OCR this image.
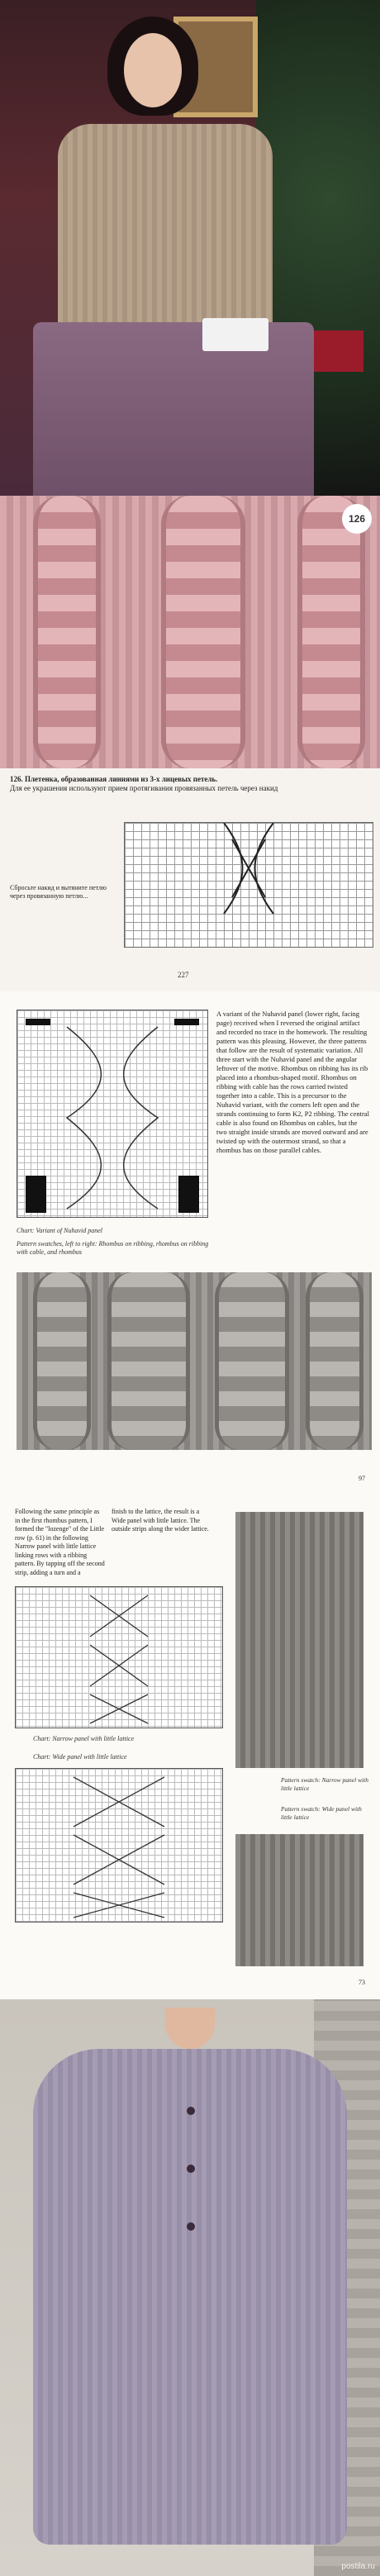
126
126. Плетенка, образованная линиями из 3-х лицевых петель.
Для ее украшения используют прием протягивания провязанных петель через накид
Сбросьте накид и вытяните петлю через провязанную петлю...
227
A variant of the Nuhavid panel (lower right, facing page) received when I reversed the original artifact and recorded no trace in the homework. The resulting pattern was this pleasing. However, the three patterns that follow are the result of systematic variation. All three start with the Nuhavid panel and the angular leftover of the motive. Rhombus on ribbing has its rib placed into a rhombus-shaped motif. Rhombus on ribbing with cable has the rows carried twisted together into a cable. This is a precursor to the Nuhavid variant, with the corners left open and the strands continuing to form K2, P2 ribbing. The central cable is also found on Rhombus on cables, but the two straight inside strands are moved outward and are twisted up with the outermost strand, so that a rhombus has on those parallel cables.
Chart: Variant of Nuhavid panel
Pattern swatches, left to right: Rhombus on ribbing, rhombus on ribbing with cable, and rhombus
97
Following the same principle as in the first rhombus pattern, I formed the "lozenge" of the Little row (p. 61) in the following Narrow panel with little lattice linking rows with a ribbing pattern. By tapping off the second strip, adding a turn and a
finish to the lattice, the result is a Wide panel with little lattice. The outside strips along the wider lattice.
Chart: Narrow panel with little lattice
Chart: Wide panel with little lattice
Pattern swatch: Narrow panel with little lattice
Pattern swatch: Wide panel with little lattice
73
postila.ru
